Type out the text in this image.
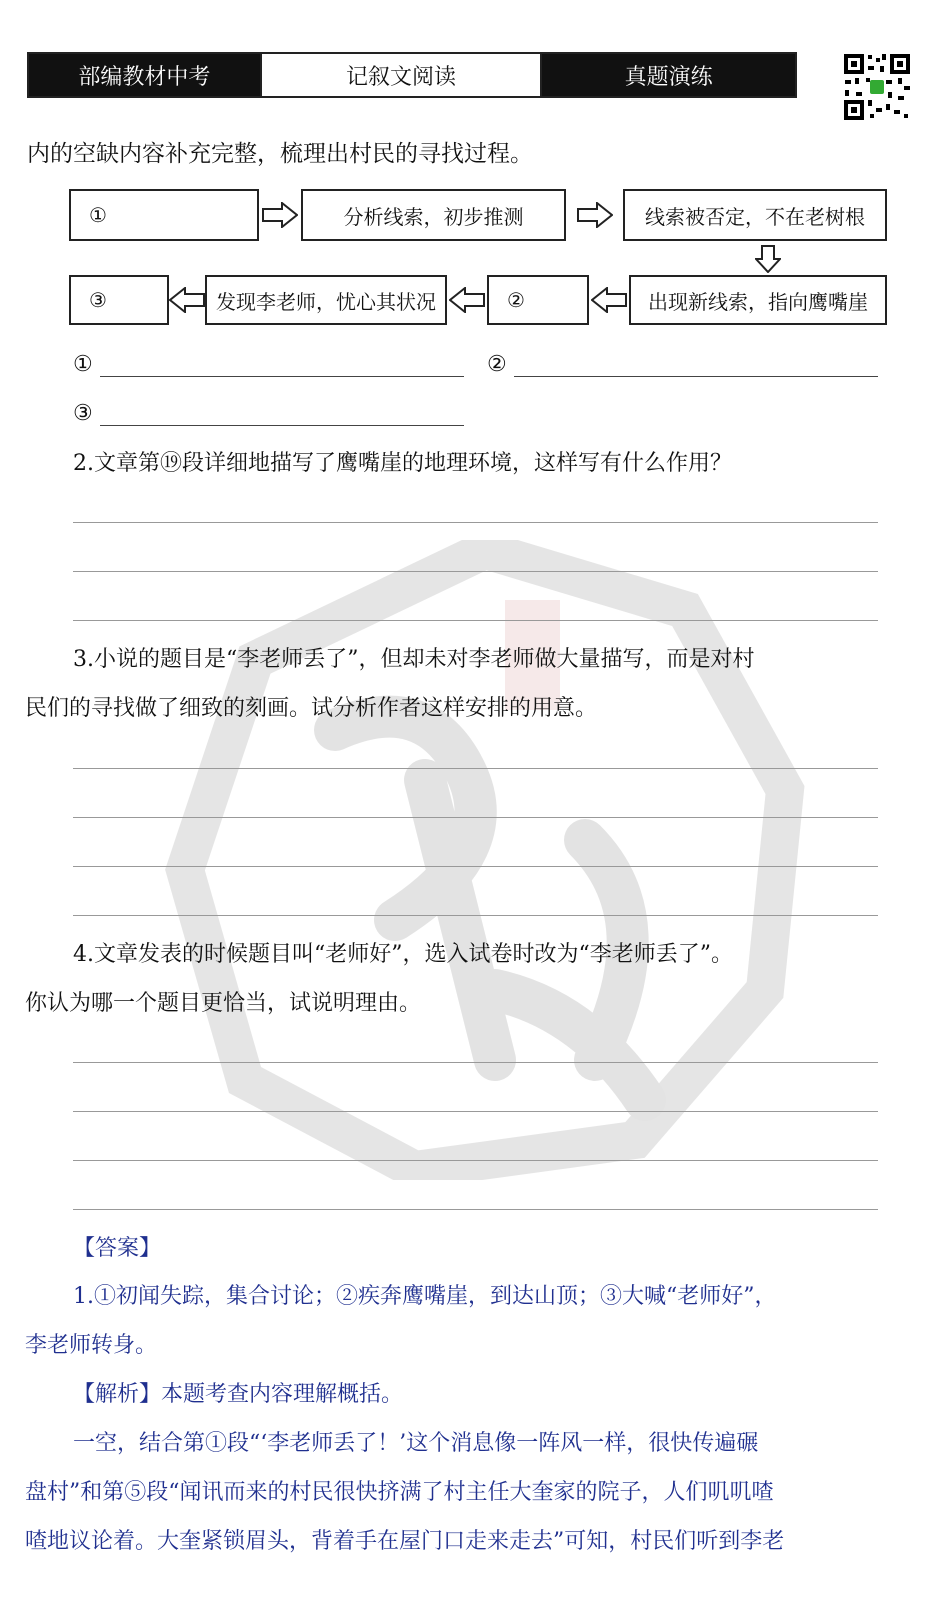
部编教材中考	记叙文阅读	真题演练
内的空缺内容补充完整，梳理出村民的寻找过程。
①	分析线索，初步推测	线索被否定，不在老树根
出现新线索，指向鹰嘴崖
②
发现李老师，忧心其状况
③
①	②
③
2.文章第⑲段详细地描写了鹰嘴崖的地理环境，这样写有什么作用？
3.小说的题目是“李老师丢了”，但却未对李老师做大量描写，而是对村
民们的寻找做了细致的刻画。试分析作者这样安排的用意。
4.文章发表的时候题目叫“老师好”，选入试卷时改为“李老师丢了”。
你认为哪一个题目更恰当，试说明理由。
【答案】
1.①初闻失踪，集合讨论；②疾奔鹰嘴崖，到达山顶；③大喊“老师好”，
李老师转身。
【解析】本题考查内容理解概括。
一空，结合第①段“‘李老师丢了！’这个消息像一阵风一样，很快传遍碾
盘村”和第⑤段“闻讯而来的村民很快挤满了村主任大奎家的院子，人们叽叽喳
喳地议论着。大奎紧锁眉头，背着手在屋门口走来走去”可知，村民们听到李老
